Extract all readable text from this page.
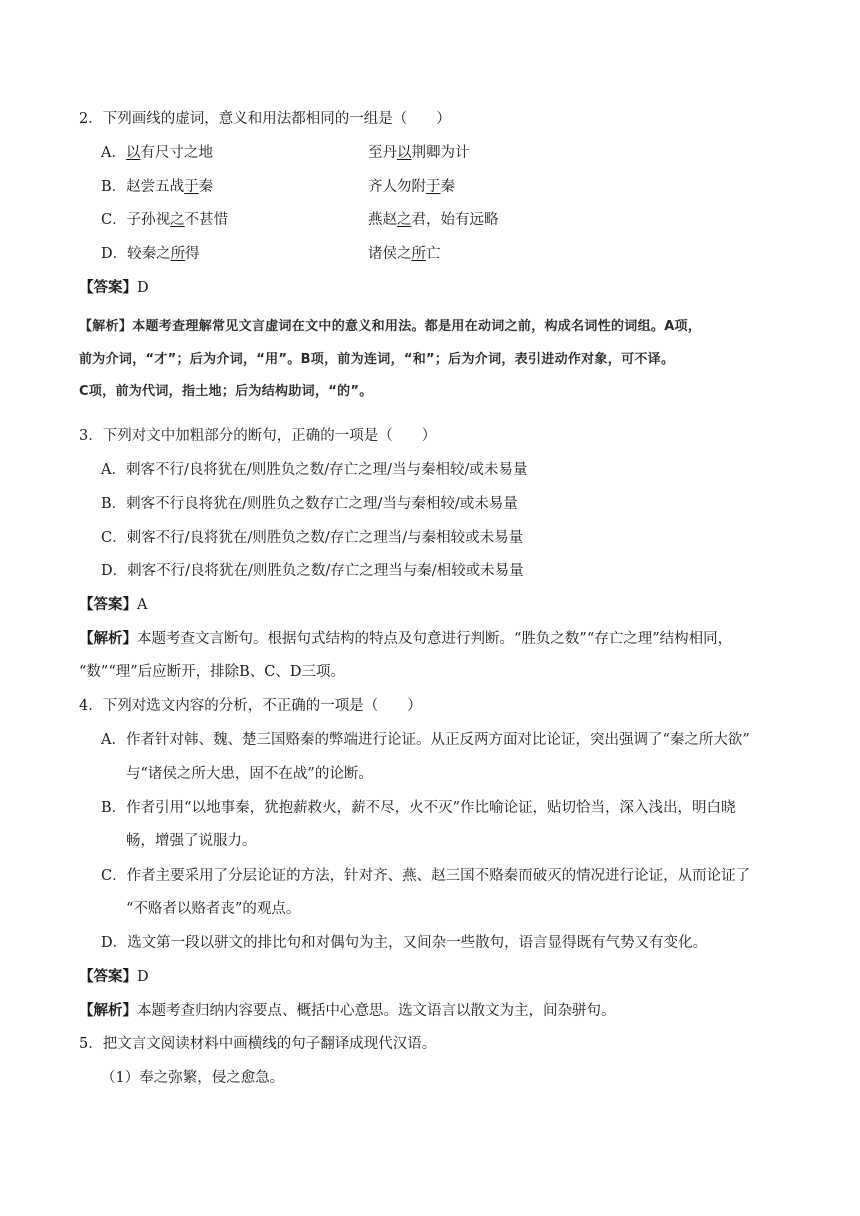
2．下列画线的虚词，意义和用法都相同的一组是（　　）
A．以有尺寸之地	至丹以荆卿为计
B．赵尝五战于秦	齐人勿附于秦
C．子孙视之不甚惜	燕赵之君，始有远略
D．较秦之所得	诸侯之所亡
【答案】D
【解析】本题考查理解常见文言虚词在文中的意义和用法。都是用在动词之前，构成名词性的词组。A项，
前为介词，“才”；后为介词，“用”。B项，前为连词，“和”；后为介词，表引进动作对象，可不译。
C项，前为代词，指土地；后为结构助词，“的”。
3．下列对文中加粗部分的断句，正确的一项是（　　）
A．刺客不行/良将犹在/则胜负之数/存亡之理/当与秦相较/或未易量
B．刺客不行良将犹在/则胜负之数存亡之理/当与秦相较/或未易量
C．刺客不行/良将犹在/则胜负之数/存亡之理当/与秦相较或未易量
D．刺客不行/良将犹在/则胜负之数/存亡之理当与秦/相较或未易量
【答案】A
【解析】本题考查文言断句。根据句式结构的特点及句意进行判断。“胜负之数”“存亡之理”结构相同，
“数”“理”后应断开，排除B、C、D三项。
4．下列对选文内容的分析，不正确的一项是（　　）
A．作者针对韩、魏、楚三国赂秦的弊端进行论证。从正反两方面对比论证，突出强调了“秦之所大欲”
与“诸侯之所大患，固不在战”的论断。
B．作者引用“以地事秦，犹抱薪救火，薪不尽，火不灭”作比喻论证，贴切恰当，深入浅出，明白晓
畅，增强了说服力。
C．作者主要采用了分层论证的方法，针对齐、燕、赵三国不赂秦而破灭的情况进行论证，从而论证了
“不赂者以赂者丧”的观点。
D．选文第一段以骈文的排比句和对偶句为主，又间杂一些散句，语言显得既有气势又有变化。
【答案】D
【解析】本题考查归纳内容要点、概括中心意思。选文语言以散文为主，间杂骈句。
5．把文言文阅读材料中画横线的句子翻译成现代汉语。
（1）奉之弥繁，侵之愈急。
